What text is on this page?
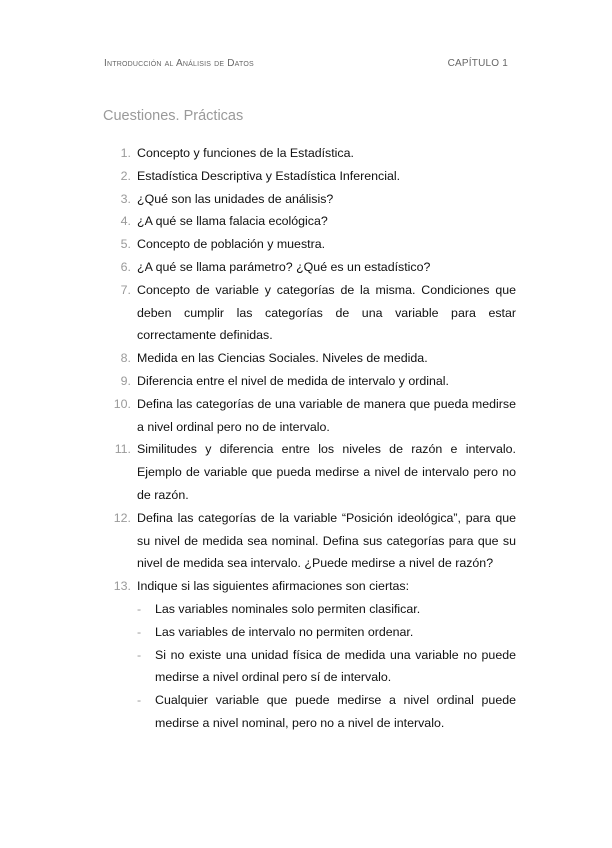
Introducción al Análisis de Datos	CAPÍTULO 1
Cuestiones. Prácticas
1. Concepto y funciones de la Estadística.
2. Estadística Descriptiva y Estadística Inferencial.
3. ¿Qué son las unidades de análisis?
4. ¿A qué se llama falacia ecológica?
5. Concepto de población y muestra.
6. ¿A qué se llama parámetro? ¿Qué es un estadístico?
7. Concepto de variable y categorías de la misma. Condiciones que deben cumplir las categorías de una variable para estar correctamente definidas.
8. Medida en las Ciencias Sociales. Niveles de medida.
9. Diferencia entre el nivel de medida de intervalo y ordinal.
10. Defina las categorías de una variable de manera que pueda medirse a nivel ordinal pero no de intervalo.
11. Similitudes y diferencia entre los niveles de razón e intervalo. Ejemplo de variable que pueda medirse a nivel de intervalo pero no de razón.
12. Defina las categorías de la variable “Posición ideológica”, para que su nivel de medida sea nominal. Defina sus categorías para que su nivel de medida sea intervalo. ¿Puede medirse a nivel de razón?
13. Indique si las siguientes afirmaciones son ciertas:
- Las variables nominales solo permiten clasificar.
- Las variables de intervalo no permiten ordenar.
- Si no existe una unidad física de medida una variable no puede medirse a nivel ordinal pero sí de intervalo.
- Cualquier variable que puede medirse a nivel ordinal puede medirse a nivel nominal, pero no a nivel de intervalo.
